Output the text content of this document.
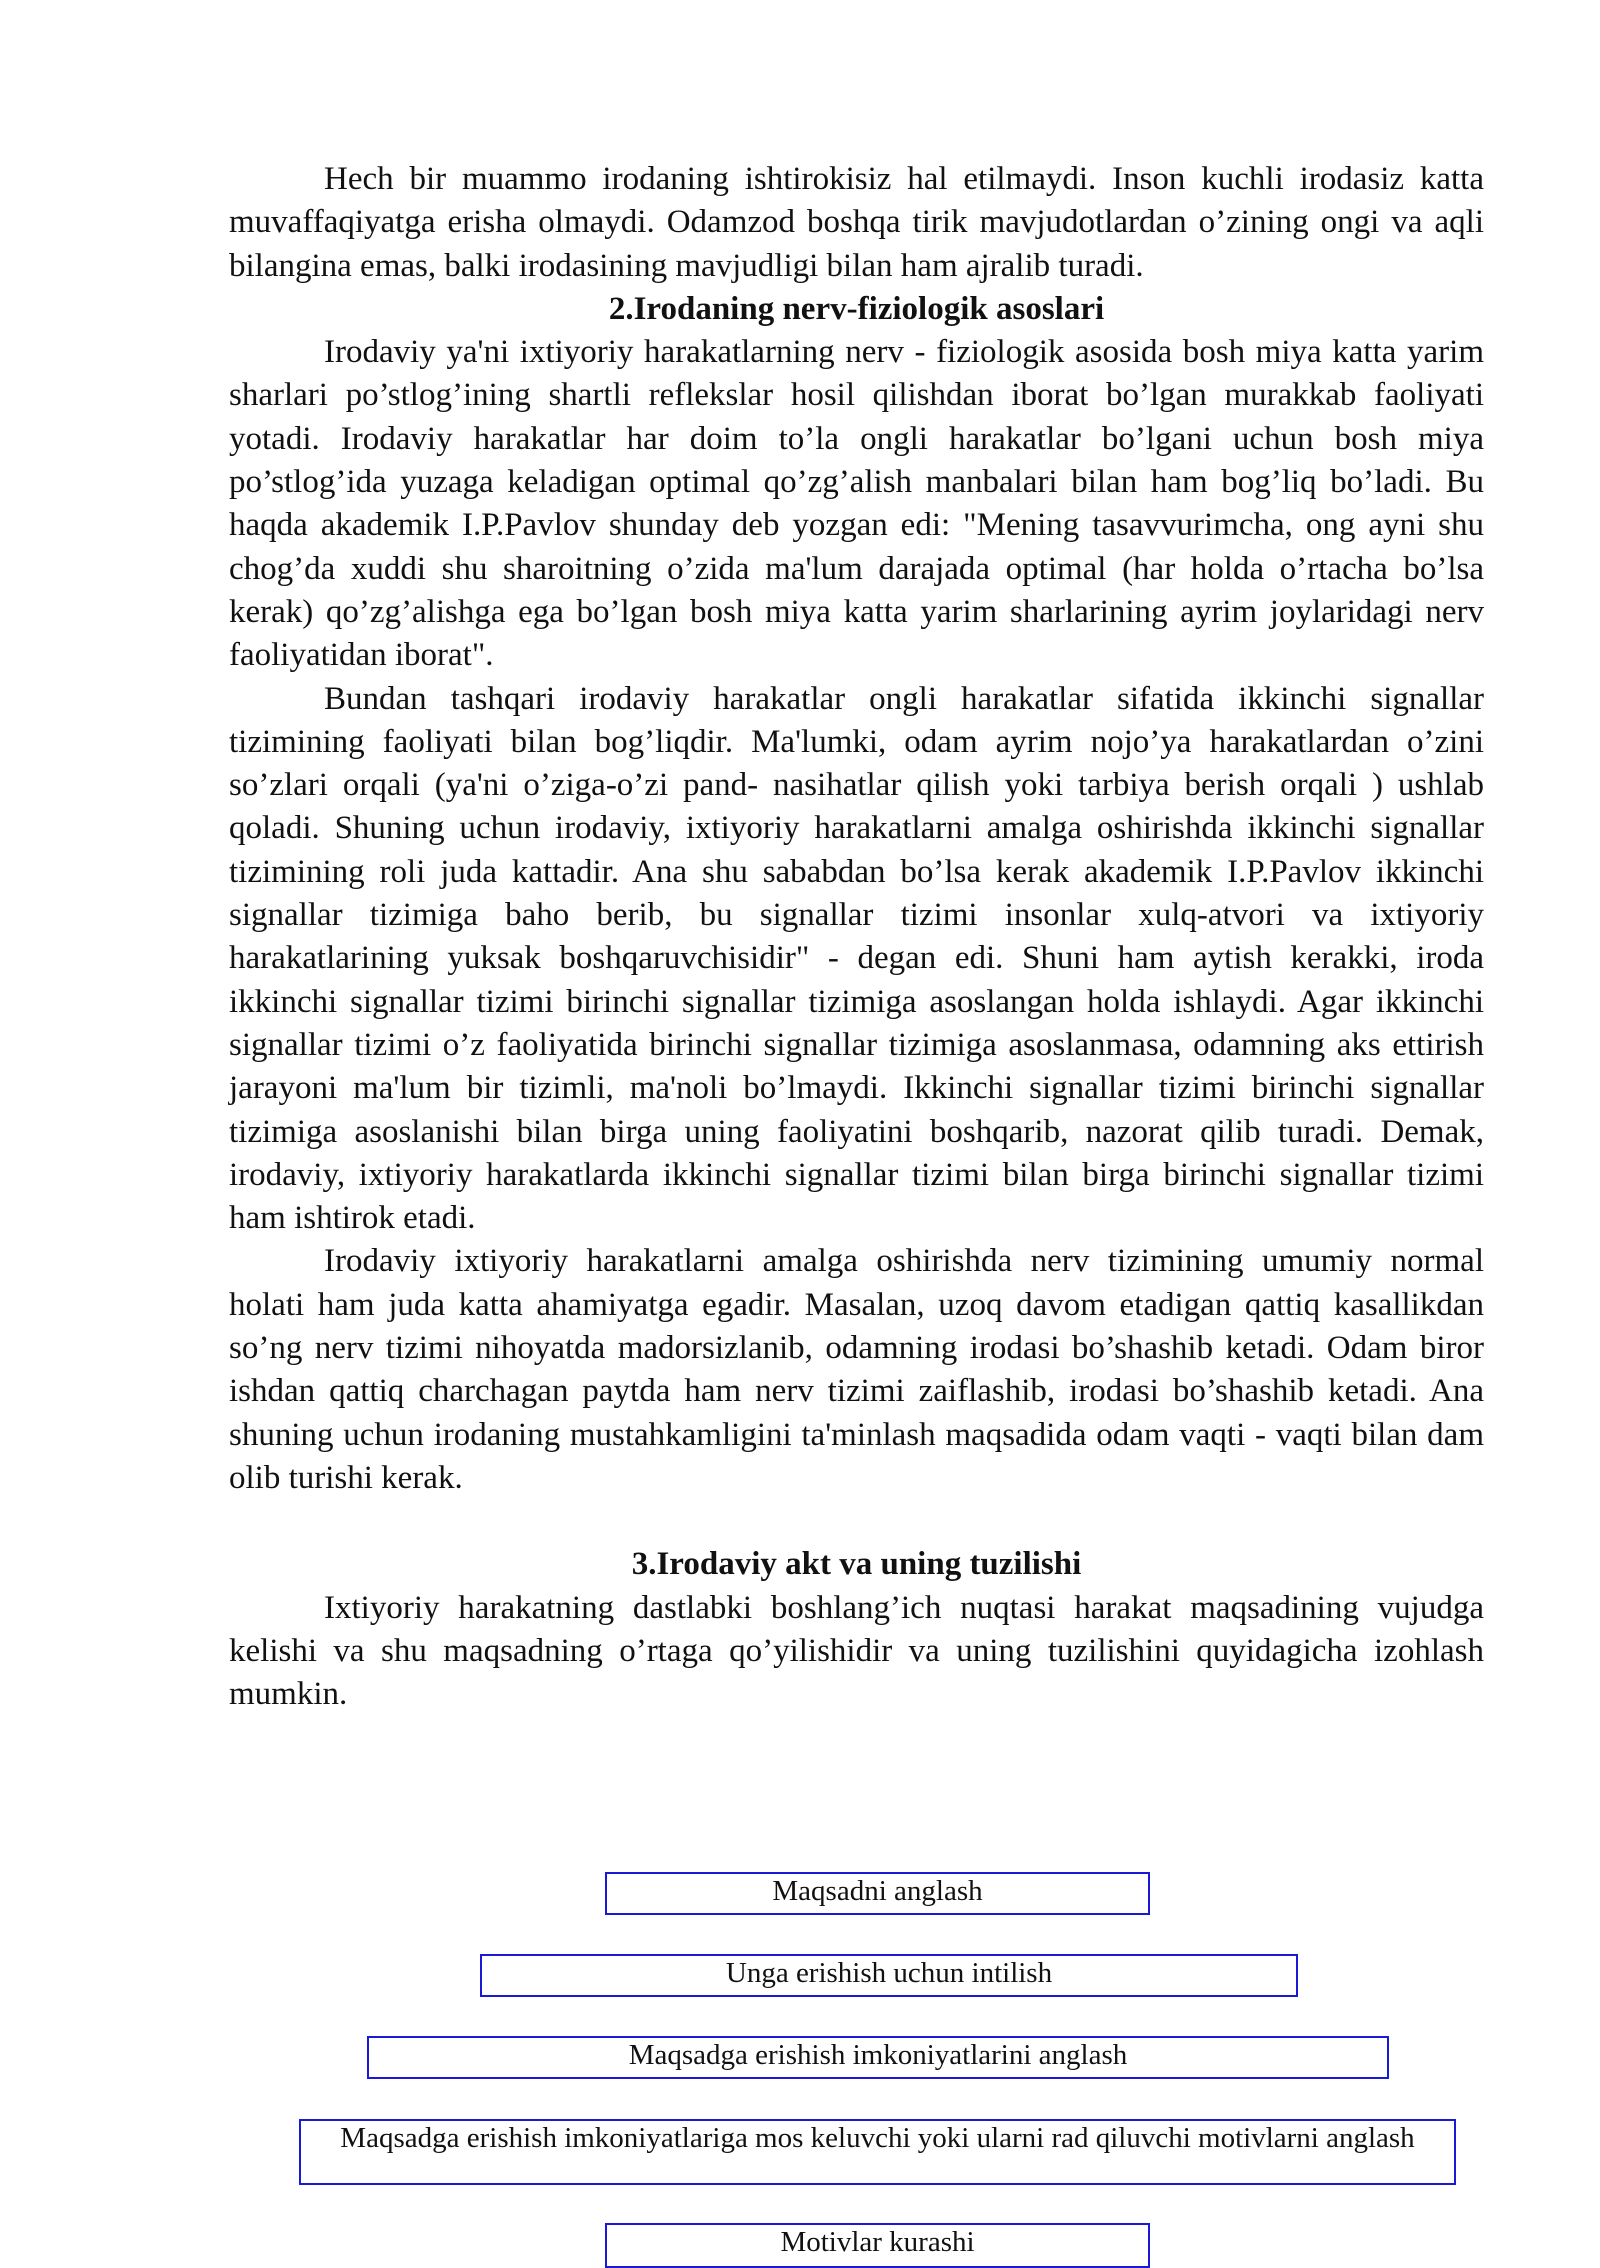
Hech bir muammo irodaning ishtirokisiz hal etilmaydi. Inson kuchli irodasiz katta muvaffaqiyatga erisha olmaydi. Odamzod boshqa tirik mavjudotlardan o’zining ongi va aqli bilangina emas, balki irodasining mavjudligi bilan ham ajralib turadi.

2.Irodaning nerv-fiziologik asoslari

Irodaviy ya'ni ixtiyoriy harakatlarning nerv - fiziologik asosida bosh miya katta yarim sharlari po’stlog’ining shartli reflekslar hosil qilishdan iborat bo’lgan murakkab faoliyati yotadi. Irodaviy harakatlar har doim to’la ongli harakatlar bo’lgani uchun bosh miya po’stlog’ida yuzaga keladigan optimal qo’zg’alish manbalari bilan ham bog’liq bo’ladi. Bu haqda akademik I.P.Pavlov shunday deb yozgan edi: "Mening tasavvurimcha, ong ayni shu chog’da xuddi shu sharoitning o’zida ma'lum darajada optimal (har holda o’rtacha bo’lsa kerak) qo’zg’alishga ega bo’lgan bosh miya katta yarim sharlarining ayrim joylaridagi nerv faoliyatidan iborat".

Bundan tashqari irodaviy harakatlar ongli harakatlar sifatida ikkinchi signallar tizimining faoliyati bilan bog’liqdir. Ma'lumki, odam ayrim nojo’ya harakatlardan o’zini so’zlari orqali (ya'ni o’ziga-o’zi pand- nasihatlar qilish yoki tarbiya berish orqali ) ushlab qoladi. Shuning uchun irodaviy, ixtiyoriy harakatlarni amalga oshirishda ikkinchi signallar tizimining roli juda kattadir. Ana shu sababdan bo’lsa kerak akademik I.P.Pavlov ikkinchi signallar tizimiga baho berib, bu signallar tizimi insonlar xulq-atvori va ixtiyoriy harakatlarining yuksak boshqaruvchisidir" - degan edi. Shuni ham aytish kerakki, iroda ikkinchi signallar tizimi birinchi signallar tizimiga asoslangan holda ishlaydi. Agar ikkinchi signallar tizimi o’z faoliyatida birinchi signallar tizimiga asoslanmasa, odamning aks ettirish jarayoni ma'lum bir tizimli, ma'noli bo’lmaydi. Ikkinchi signallar tizimi birinchi signallar tizimiga asoslanishi bilan birga uning faoliyatini boshqarib, nazorat qilib turadi. Demak, irodaviy, ixtiyoriy harakatlarda ikkinchi signallar tizimi bilan birga birinchi signallar tizimi ham ishtirok etadi.

Irodaviy ixtiyoriy harakatlarni amalga oshirishda nerv tizimining umumiy normal holati ham juda katta ahamiyatga egadir. Masalan, uzoq davom etadigan qattiq kasallikdan so’ng nerv tizimi nihoyatda madorsizlanib, odamning irodasi bo’shashib ketadi. Odam biror ishdan qattiq charchagan paytda ham nerv tizimi zaiflashib, irodasi bo’shashib ketadi. Ana shuning uchun irodaning mustahkamligini ta'minlash maqsadida odam vaqti - vaqti bilan dam olib turishi kerak.

3.Irodaviy akt va uning tuzilishi

Ixtiyoriy harakatning dastlabki boshlang’ich nuqtasi harakat maqsadining vujudga kelishi va shu maqsadning o’rtaga qo’yilishidir va uning tuzilishini quyidagicha izohlash mumkin.

Maqsadni anglash
Unga erishish uchun intilish
Maqsadga erishish imkoniyatlarini anglash
Maqsadga erishish imkoniyatlariga mos keluvchi yoki ularni rad qiluvchi motivlarni anglash
Motivlar kurashi
